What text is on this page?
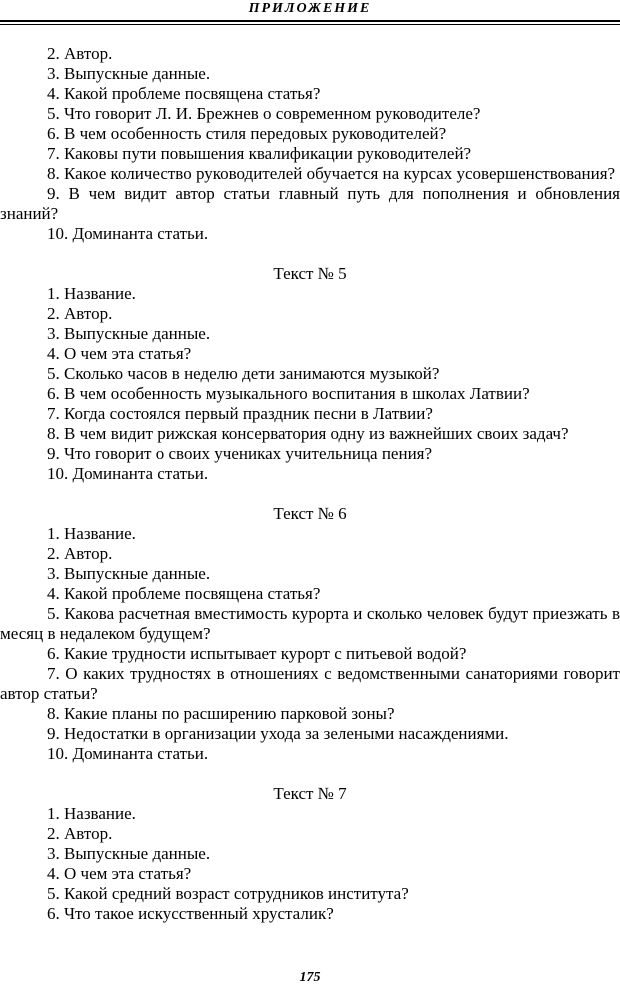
ПРИЛОЖЕНИЕ

2. Автор.

3. Выпускные данные.

4. Какой проблеме посвящена статья?

5. Что говорит Л. И. Брежнев о современном руководителе?

6. В чем особенность стиля передовых руководителей?

7. Каковы пути повышения квалификации руководителей?

8. Какое количество руководителей обучается на курсах усовершенствования?

9. В чем видит автор статьи главный путь для пополнения и обновления знаний?

10. Доминанта статьи.

Текст № 5

1. Название.

2. Автор.

3. Выпускные данные.

4. О чем эта статья?

5. Сколько часов в неделю дети занимаются музыкой?

6. В чем особенность музыкального воспитания в школах Латвии?

7. Когда состоялся первый праздник песни в Латвии?

8. В чем видит рижская консерватория одну из важнейших своих задач?

9. Что говорит о своих учениках учительница пения?

10. Доминанта статьи.

Текст № 6

1. Название.

2. Автор.

3. Выпускные данные.

4. Какой проблеме посвящена статья?

5. Какова расчетная вместимость курорта и сколько человек будут приезжать в месяц в недалеком будущем?

6. Какие трудности испытывает курорт с питьевой водой?

7. О каких трудностях в отношениях с ведомственными санаториями говорит автор статьи?

8. Какие планы по расширению парковой зоны?

9. Недостатки в организации ухода за зелеными насаждениями.

10. Доминанта статьи.

Текст № 7

1. Название.

2. Автор.

3. Выпускные данные.

4. О чем эта статья?

5. Какой средний возраст сотрудников института?

6. Что такое искусственный хрусталик?

175
